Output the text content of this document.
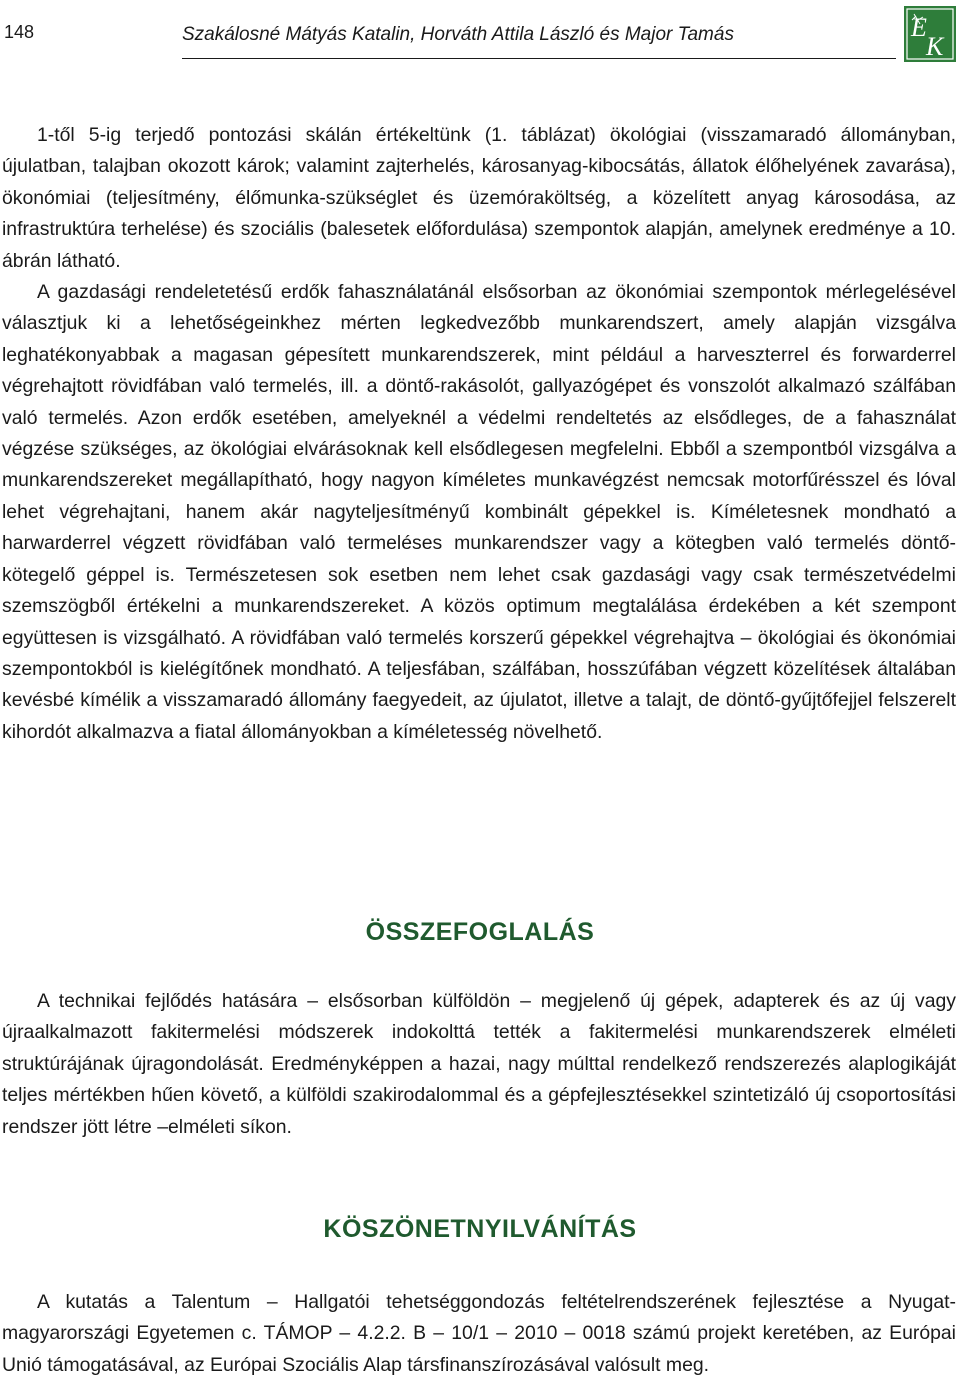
148	Szakálosné Mátyás Katalin, Horváth Attila László és Major Tamás	E
K

1-től 5-ig terjedő pontozási skálán értékeltünk (1. táblázat) ökológiai (visszamaradó állományban, újulatban, talajban okozott károk; valamint zajterhelés, károsanyag-kibocsátás, állatok élőhelyének zavarása), ökonómiai (teljesítmény, élőmunka-szükséglet és üzemóraköltség, a közelített anyag károsodása, az infrastruktúra terhelése) és szociális (balesetek előfordulása) szempontok alapján, amelynek eredménye a 10. ábrán látható.

A gazdasági rendeletetésű erdők fahasználatánál elsősorban az ökonómiai szempontok mérlegelésével választjuk ki a lehetőségeinkhez mérten legkedvezőbb munkarendszert, amely alapján vizsgálva leghatékonyabbak a magasan gépesített munkarendszerek, mint például a harveszterrel és forwarderrel végrehajtott rövidfában való termelés, ill. a döntő-rakásolót, gallyazógépet és vonszolót alkalmazó szálfában való termelés. Azon erdők esetében, amelyeknél a védelmi rendeltetés az elsődleges, de a fahasználat végzése szükséges, az ökológiai elvárásoknak kell elsődlegesen megfelelni. Ebből a szempontból vizsgálva a munkarendszereket megállapítható, hogy nagyon kíméletes munkavégzést nemcsak motorfűrésszel és lóval lehet végrehajtani, hanem akár nagyteljesítményű kombinált gépekkel is. Kíméletesnek mondható a harwarderrel végzett rövidfában való termeléses munkarendszer vagy a kötegben való termelés döntő-kötegelő géppel is. Természetesen sok esetben nem lehet csak gazdasági vagy csak természetvédelmi szemszögből értékelni a munkarendszereket. A közös optimum megtalálása érdekében a két szempont együttesen is vizsgálható. A rövidfában való termelés korszerű gépekkel végrehajtva – ökológiai és ökonómiai szempontokból is kielégítőnek mondható. A teljesfában, szálfában, hosszúfában végzett közelítések általában kevésbé kímélik a visszamaradó állomány faegyedeit, az újulatot, illetve a talajt, de döntő-gyűjtőfejjel felszerelt kihordót alkalmazva a fiatal állományokban a kíméletesség növelhető.

ÖSSZEFOGLALÁS

A technikai fejlődés hatására – elsősorban külföldön – megjelenő új gépek, adapterek és az új vagy újraalkalmazott fakitermelési módszerek indokolttá tették a fakitermelési munkarendszerek elméleti struktúrájának újragondolását. Eredményképpen a hazai, nagy múlttal rendelkező rendszerezés alaplogikáját teljes mértékben hűen követő, a külföldi szakirodalommal és a gépfejlesztésekkel szintetizáló új csoportosítási rendszer jött létre –elméleti síkon.

KÖSZÖNETNYILVÁNÍTÁS

A kutatás a Talentum – Hallgatói tehetséggondozás feltételrendszerének fejlesztése a Nyugat-magyarországi Egyetemen c. TÁMOP – 4.2.2. B – 10/1 – 2010 – 0018 számú projekt keretében, az Európai Unió támogatásával, az Európai Szociális Alap társfinanszírozásával valósult meg.
